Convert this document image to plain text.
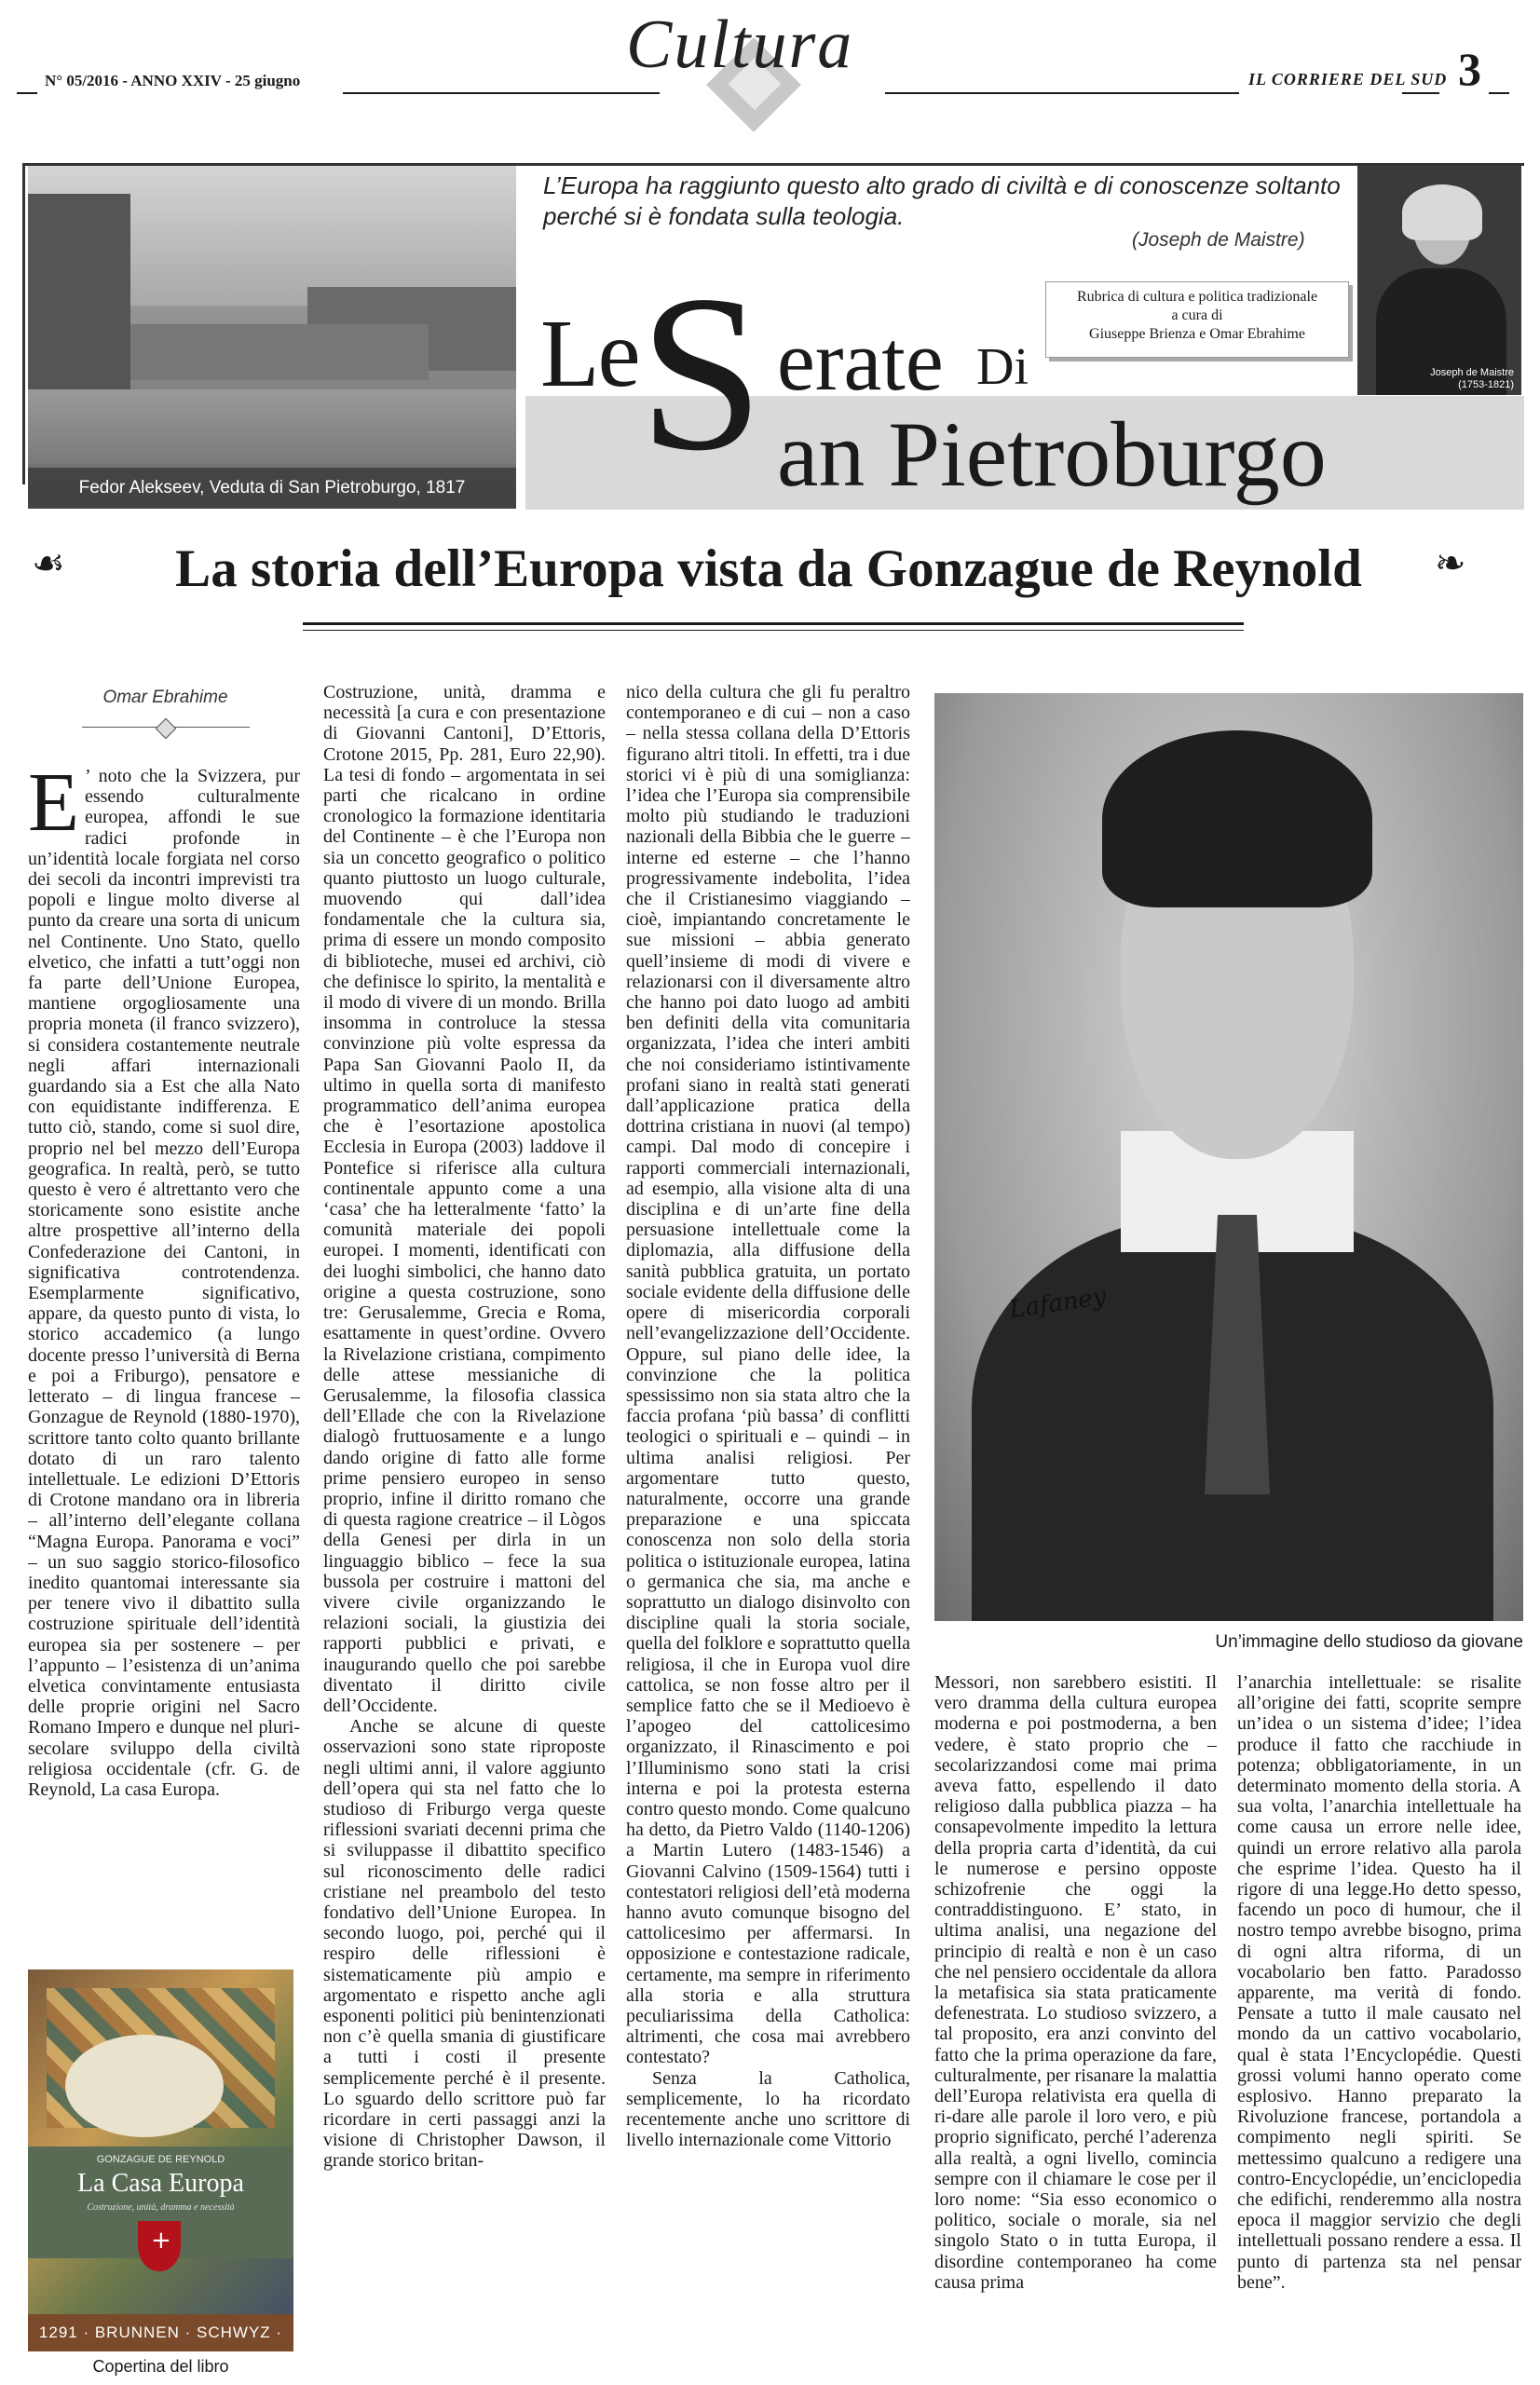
N° 05/2016 - ANNO XXIV - 25 giugno	Cultura	IL CORRIERE DEL SUD 3
Fedor Alekseev, Veduta di San Pietroburgo, 1817
L’Europa ha raggiunto questo alto grado di civiltà e di conoscenze soltanto perché si è fondata sulla teologia.
(Joseph de Maistre)
Rubrica di cultura e politica tradizionale
a cura di
Giuseppe Brienza e Omar Ebrahime
Joseph de Maistre
(1753-1821)
Le S erate Di
an Pietroburgo
☙	La storia dell’Europa vista da Gonzague de Reynold	❧
Omar Ebrahime

E ’ noto che la Svizzera, pur essendo culturalmente europea, affondi le sue radici profonde in un’identità locale forgiata nel corso dei secoli da incontri imprevisti tra popoli e lingue molto diverse al punto da creare una sorta di unicum nel Continente. Uno Stato, quello elvetico, che infatti a tutt’oggi non fa parte dell’Unione Europea, mantiene orgogliosamente una propria moneta (il franco svizzero), si considera costantemente neutrale negli affari internazionali guardando sia a Est che alla Nato con equidistante indifferenza. E tutto ciò, stando, come si suol dire, proprio nel bel mezzo dell’Europa geografica. In realtà, però, se tutto questo è vero é altrettanto vero che storicamente sono esistite anche altre prospettive all’interno della Confederazione dei Cantoni, in significativa controtendenza. Esemplarmente significativo, appare, da questo punto di vista, lo storico accademico (a lungo docente presso l’università di Berna e poi a Friburgo), pensatore e letterato – di lingua francese – Gonzague de Reynold (1880-1970), scrittore tanto colto quanto brillante dotato di un raro talento intellettuale. Le edizioni D’Ettoris di Crotone mandano ora in libreria – all’interno dell’elegante collana “Magna Europa. Panorama e voci” – un suo saggio storico-filosofico inedito quantomai interessante sia per tenere vivo il dibattito sulla costruzione spirituale dell’identità europea sia per sostenere – per l’appunto – l’esistenza di un’anima elvetica convintamente entusiasta delle proprie origini nel Sacro Romano Impero e dunque nel pluri-secolare sviluppo della civiltà religiosa occidentale (cfr. G. de Reynold, La casa Europa.

Costruzione, unità, dramma e necessità [a cura e con presentazione di Giovanni Cantoni], D’Ettoris, Crotone 2015, Pp. 281, Euro 22,90). La tesi di fondo – argomentata in sei parti che ricalcano in ordine cronologico la formazione identitaria del Continente – è che l’Europa non sia un concetto geografico o politico quanto piuttosto un luogo culturale, muovendo qui dall’idea fondamentale che la cultura sia, prima di essere un mondo composito di biblioteche, musei ed archivi, ciò che definisce lo spirito, la mentalità e il modo di vivere di un mondo. Brilla insomma in controluce la stessa convinzione più volte espressa da Papa San Giovanni Paolo II, da ultimo in quella sorta di manifesto programmatico dell’anima europea che è l’esortazione apostolica Ecclesia in Europa (2003) laddove il Pontefice si riferisce alla cultura continentale appunto come a una ‘casa’ che ha letteralmente ‘fatto’ la comunità materiale dei popoli europei. I momenti, identificati con dei luoghi simbolici, che hanno dato origine a questa costruzione, sono tre: Gerusalemme, Grecia e Roma, esattamente in quest’ordine. Ovvero la Rivelazione cristiana, compimento delle attese messianiche di Gerusalemme, la filosofia classica dell’Ellade che con la Rivelazione dialogò fruttuosamente e a lungo dando origine di fatto alle forme prime pensiero europeo in senso proprio, infine il diritto romano che di questa ragione creatrice – il Lògos della Genesi per dirla in un linguaggio biblico – fece la sua bussola per costruire i mattoni del vivere civile organizzando le relazioni sociali, la giustizia dei rapporti pubblici e privati, e inaugurando quello che poi sarebbe diventato il diritto civile dell’Occidente.

Anche se alcune di queste osservazioni sono state riproposte negli ultimi anni, il valore aggiunto dell’opera qui sta nel fatto che lo studioso di Friburgo verga queste riflessioni svariati decenni prima che si sviluppasse il dibattito specifico sul riconoscimento delle radici cristiane nel preambolo del testo fondativo dell’Unione Europea. In secondo luogo, poi, perché qui il respiro delle riflessioni è sistematicamente più ampio e argomentato e rispetto anche agli esponenti politici più benintenzionati non c’è quella smania di giustificare a tutti i costi il presente semplicemente perché è il presente. Lo sguardo dello scrittore può far ricordare in certi passaggi anzi la visione di Christopher Dawson, il grande storico britan-

nico della cultura che gli fu peraltro contemporaneo e di cui – non a caso – nella stessa collana della D’Ettoris figurano altri titoli. In effetti, tra i due storici vi è più di una somiglianza: l’idea che l’Europa sia comprensibile molto più studiando le traduzioni nazionali della Bibbia che le guerre – interne ed esterne – che l’hanno progressivamente indebolita, l’idea che il Cristianesimo viaggiando – cioè, impiantando concretamente le sue missioni – abbia generato quell’insieme di modi di vivere e relazionarsi con il diversamente altro che hanno poi dato luogo ad ambiti ben definiti della vita comunitaria organizzata, l’idea che interi ambiti che noi consideriamo istintivamente profani siano in realtà stati generati dall’applicazione pratica della dottrina cristiana in nuovi (al tempo) campi. Dal modo di concepire i rapporti commerciali internazionali, ad esempio, alla visione alta di una disciplina e di un’arte fine della persuasione intellettuale come la diplomazia, alla diffusione della sanità pubblica gratuita, un portato sociale evidente della diffusione delle opere di misericordia corporali nell’evangelizzazione dell’Occidente. Oppure, sul piano delle idee, la convinzione che la politica spessissimo non sia stata altro che la faccia profana ‘più bassa’ di conflitti teologici o spirituali e – quindi – in ultima analisi religiosi. Per argomentare tutto questo, naturalmente, occorre una grande preparazione e una spiccata conoscenza non solo della storia politica o istituzionale europea, latina o germanica che sia, ma anche e soprattutto un dialogo disinvolto con discipline quali la storia sociale, quella del folklore e soprattutto quella religiosa, il che in Europa vuol dire cattolica, se non fosse altro per il semplice fatto che se il Medioevo è l’apogeo del cattolicesimo organizzato, il Rinascimento e poi l’Illuminismo sono stati la crisi interna e poi la protesta esterna contro questo mondo. Come qualcuno ha detto, da Pietro Valdo (1140-1206) a Martin Lutero (1483-1546) a Giovanni Calvino (1509-1564) tutti i contestatori religiosi dell’età moderna hanno avuto comunque bisogno del cattolicesimo per affermarsi. In opposizione e contestazione radicale, certamente, ma sempre in riferimento alla storia e alla struttura peculiarissima della Catholica: altrimenti, che cosa mai avrebbero contestato?

Senza la Catholica, semplicemente, lo ha ricordato recentemente anche uno scrittore di livello internazionale come Vittorio

Lafaney
Un’immagine dello studioso da giovane

Messori, non sarebbero esistiti. Il vero dramma della cultura europea moderna e poi postmoderna, a ben vedere, è stato proprio che – secolarizzandosi come mai prima aveva fatto, espellendo il dato religioso dalla pubblica piazza – ha consapevolmente impedito la lettura della propria carta d’identità, da cui le numerose e persino opposte schizofrenie che oggi la contraddistinguono. E’ stato, in ultima analisi, una negazione del principio di realtà e non è un caso che nel pensiero occidentale da allora la metafisica sia stata praticamente defenestrata. Lo studioso svizzero, a tal proposito, era anzi convinto del fatto che la prima operazione da fare, culturalmente, per risanare la malattia dell’Europa relativista era quella di ri-dare alle parole il loro vero, e più proprio significato, perché l’aderenza alla realtà, a ogni livello, comincia sempre con il chiamare le cose per il loro nome: “Sia esso economico o politico, sociale o morale, sia nel singolo Stato o in tutta Europa, il disordine contemporaneo ha come causa prima

l’anarchia intellettuale: se risalite all’origine dei fatti, scoprite sempre un’idea o un sistema d’idee; l’idea produce il fatto che racchiude in potenza; obbligatoriamente, in un determinato momento della storia. A sua volta, l’anarchia intellettuale ha come causa un errore nelle idee, quindi un errore relativo alla parola che esprime l’idea. Questo ha il rigore di una legge.Ho detto spesso, facendo un poco di humour, che il nostro tempo avrebbe bisogno, prima di ogni altra riforma, di un vocabolario ben fatto. Paradosso apparente, ma verità di fondo. Pensate a tutto il male causato nel mondo da un cattivo vocabolario, qual è stata l’Encyclopédie. Questi grossi volumi hanno operato come esplosivo. Hanno preparato la Rivoluzione francese, portandola a compimento negli spiriti. Se mettessimo qualcuno a redigere una contro-Encyclopédie, un’enciclopedia che edifichi, renderemmo alla nostra epoca il maggior servizio che degli intellettuali possano rendere a essa. Il punto di partenza sta nel pensar bene”.

GONZAGUE DE REYNOLD
La Casa Europa
Costruzione, unità, dramma e necessità
+
1291 · BRUNNEN · SCHWYZ ·
Copertina del libro
